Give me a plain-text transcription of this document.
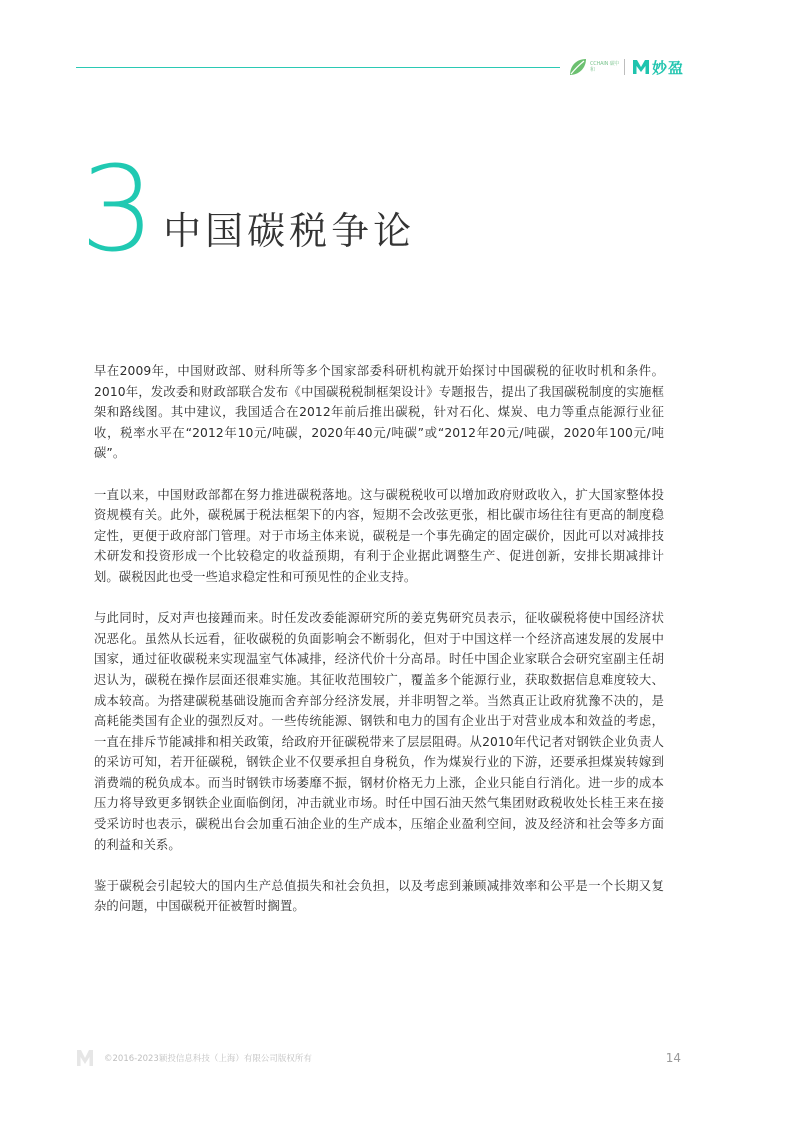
CCHAIN 碳中和	妙盈
3 中国碳税争论

早在2009年，中国财政部、财科所等多个国家部委科研机构就开始探讨中国碳税的征收时机和条件。2010年，发改委和财政部联合发布《中国碳税税制框架设计》专题报告，提出了我国碳税制度的实施框架和路线图。其中建议，我国适合在2012年前后推出碳税，针对石化、煤炭、电力等重点能源行业征收，税率水平在“2012年10元/吨碳，2020年40元/吨碳”或“2012年20元/吨碳，2020年100元/吨碳”。

一直以来，中国财政部都在努力推进碳税落地。这与碳税税收可以增加政府财政收入，扩大国家整体投资规模有关。此外，碳税属于税法框架下的内容，短期不会改弦更张，相比碳市场往往有更高的制度稳定性，更便于政府部门管理。对于市场主体来说，碳税是一个事先确定的固定碳价，因此可以对减排技术研发和投资形成一个比较稳定的收益预期，有利于企业据此调整生产、促进创新，安排长期减排计划。碳税因此也受一些追求稳定性和可预见性的企业支持。

与此同时，反对声也接踵而来。时任发改委能源研究所的姜克隽研究员表示，征收碳税将使中国经济状况恶化。虽然从长远看，征收碳税的负面影响会不断弱化，但对于中国这样一个经济高速发展的发展中国家，通过征收碳税来实现温室气体减排，经济代价十分高昂。时任中国企业家联合会研究室副主任胡迟认为，碳税在操作层面还很难实施。其征收范围较广，覆盖多个能源行业，获取数据信息难度较大、成本较高。为搭建碳税基础设施而舍弃部分经济发展，并非明智之举。当然真正让政府犹豫不决的，是高耗能类国有企业的强烈反对。一些传统能源、钢铁和电力的国有企业出于对营业成本和效益的考虑，一直在排斥节能减排和相关政策，给政府开征碳税带来了层层阻碍。从2010年代记者对钢铁企业负责人的采访可知，若开征碳税，钢铁企业不仅要承担自身税负，作为煤炭行业的下游，还要承担煤炭转嫁到消费端的税负成本。而当时钢铁市场萎靡不振，钢材价格无力上涨，企业只能自行消化。进一步的成本压力将导致更多钢铁企业面临倒闭，冲击就业市场。时任中国石油天然气集团财政税收处长桂王来在接受采访时也表示，碳税出台会加重石油企业的生产成本，压缩企业盈利空间，波及经济和社会等多方面的利益和关系。

鉴于碳税会引起较大的国内生产总值损失和社会负担，以及考虑到兼顾减排效率和公平是一个长期又复杂的问题，中国碳税开征被暂时搁置。

©2016-2023颖投信息科技（上海）有限公司版权所有	14
